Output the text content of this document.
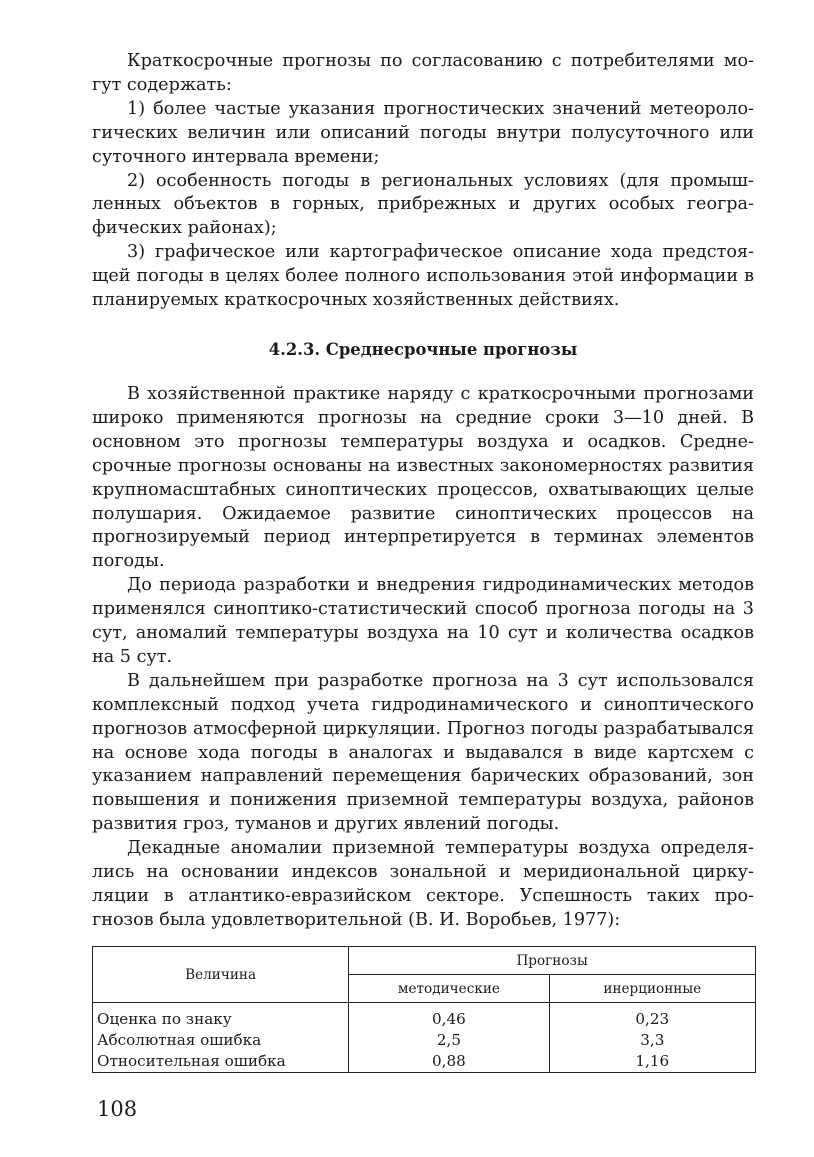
Краткосрочные прогнозы по согласованию с потребителями могут содержать:

1) более частые указания прогностических значений метеорологических величин или описаний погоды внутри полусуточного или суточного интервала времени;

2) особенность погоды в региональных условиях (для промышленных объектов в горных, прибрежных и других особых географических районах);

3) графическое или картографическое описание хода предстоящей погоды в целях более полного использования этой информации в планируемых краткосрочных хозяйственных действиях.

4.2.3. Среднесрочные прогнозы

В хозяйственной практике наряду с краткосрочными прогнозами широко применяются прогнозы на средние сроки 3—10 дней. В основном это прогнозы температуры воздуха и осадков. Среднесрочные прогнозы основаны на известных закономерностях развития крупномасштабных синоптических процессов, охватывающих целые полушария. Ожидаемое развитие синоптических процессов на прогнозируемый период интерпретируется в терминах элементов погоды.

До периода разработки и внедрения гидродинамических методов применялся синоптико-статистический способ прогноза погоды на 3 сут, аномалий температуры воздуха на 10 сут и количества осадков на 5 сут.

В дальнейшем при разработке прогноза на 3 сут использовался комплексный подход учета гидродинамического и синоптического прогнозов атмосферной циркуляции. Прогноз погоды разрабатывался на основе хода погоды в аналогах и выдавался в виде картсхем с указанием направлений перемещения барических образований, зон повышения и понижения приземной температуры воздуха, районов развития гроз, туманов и других явлений погоды.

Декадные аномалии приземной температуры воздуха определялись на основании индексов зональной и меридиональной циркуляции в атлантико-евразийском секторе. Успешность таких прогнозов была удовлетворительной (В. И. Воробьев, 1977):

Величина	Прогнозы	
	методические	инерционные
Оценка по знаку	0,46	0,23
Абсолютная ошибка	2,5	3,3
Относительная ошибка	0,88	1,16
108
